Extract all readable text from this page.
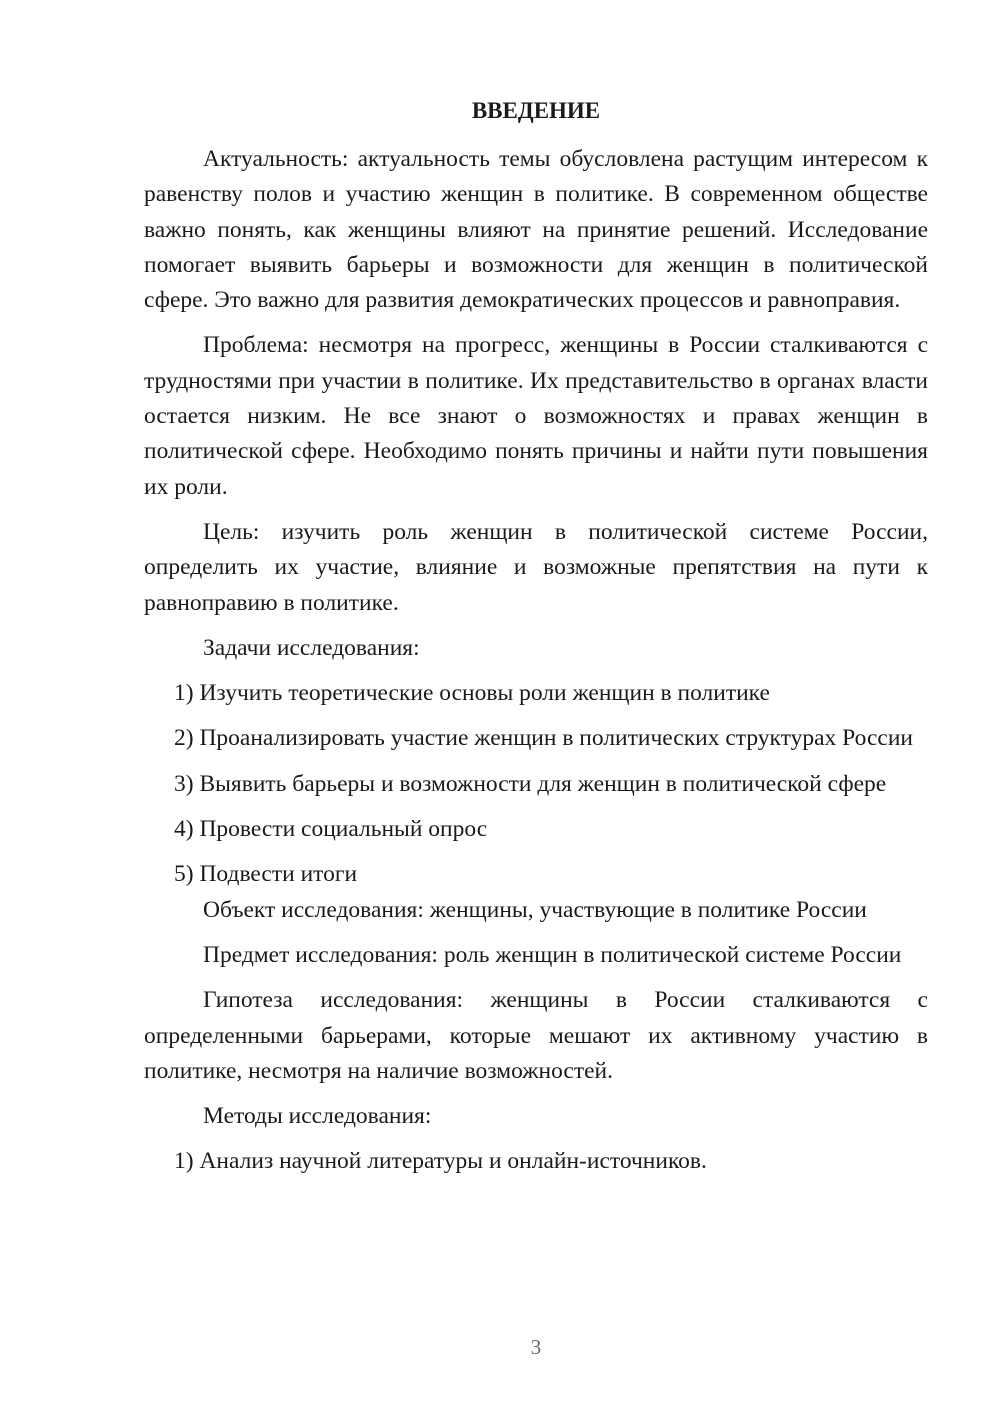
ВВЕДЕНИЕ

Актуальность: актуальность темы обусловлена растущим интересом к равенству полов и участию женщин в политике. В современном обществе важно понять, как женщины влияют на принятие решений. Исследование помогает выявить барьеры и возможности для женщин в политической сфере. Это важно для развития демократических процессов и равноправия.

Проблема: несмотря на прогресс, женщины в России сталкиваются с трудностями при участии в политике. Их представительство в органах власти остается низким. Не все знают о возможностях и правах женщин в политической сфере. Необходимо понять причины и найти пути повышения их роли.

Цель: изучить роль женщин в политической системе России, определить их участие, влияние и возможные препятствия на пути к равноправию в политике.

Задачи исследования:

1) Изучить теоретические основы роли женщин в политике

2) Проанализировать участие женщин в политических структурах России

3) Выявить барьеры и возможности для женщин в политической сфере

4) Провести социальный опрос

5) Подвести итоги

Объект исследования: женщины, участвующие в политике России

Предмет исследования: роль женщин в политической системе России

Гипотеза исследования: женщины в России сталкиваются с определенными барьерами, которые мешают их активному участию в политике, несмотря на наличие возможностей.

Методы исследования:

1) Анализ научной литературы и онлайн-источников.

3
